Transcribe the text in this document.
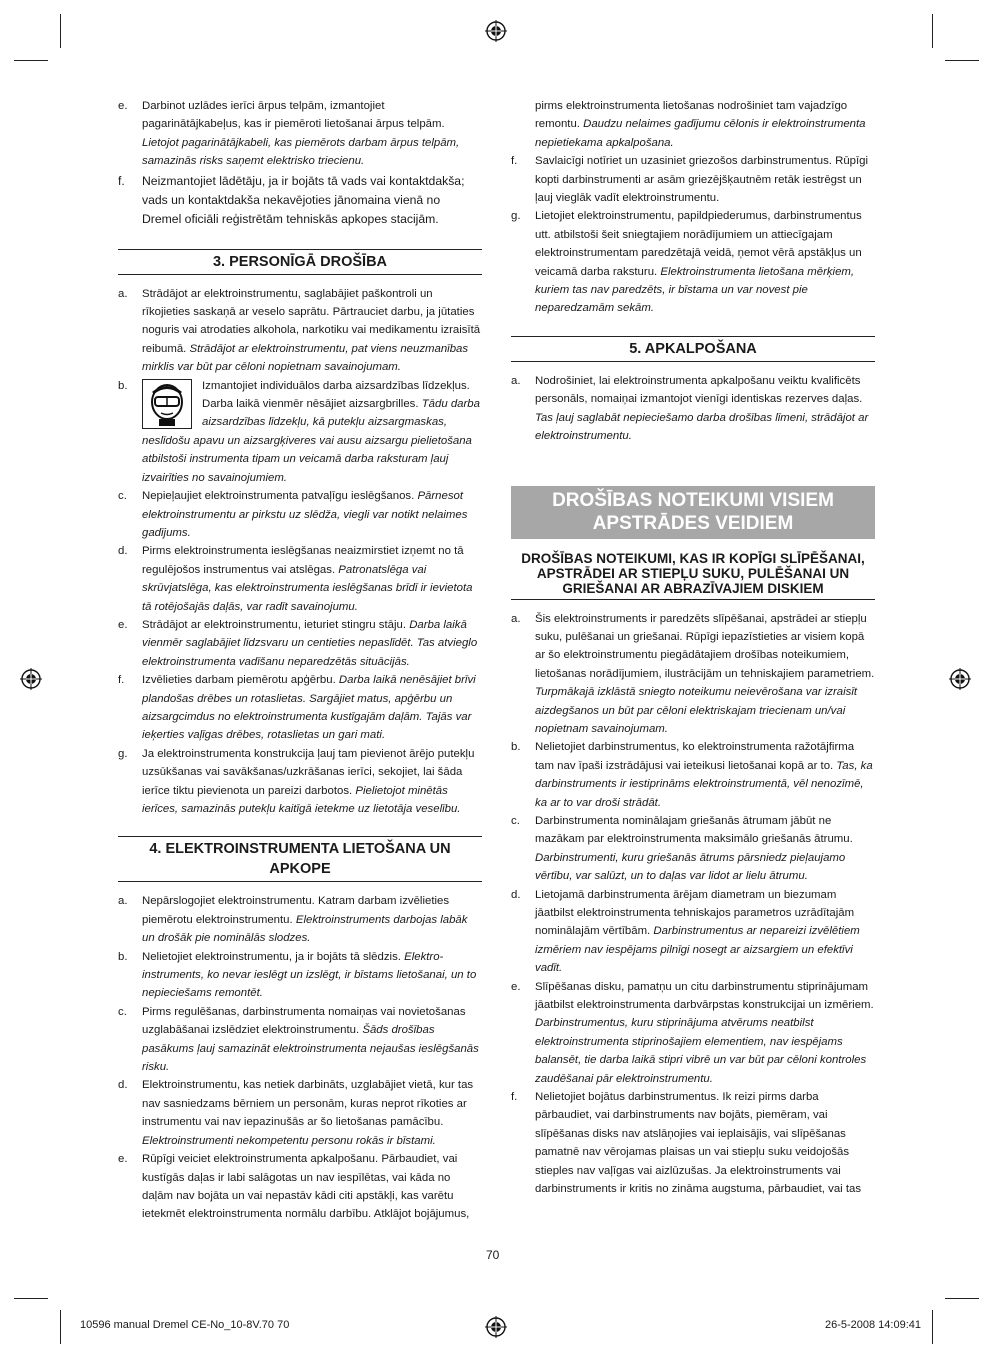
e. Darbinot uzlādes ierīci ārpus telpām, izmantojiet pagarinātājkabeļus, kas ir piemēroti lietošanai ārpus telpām. Lietojot pagarinātājkabeli, kas piemērots darbam ārpus telpām, samazinās risks saņemt elektrisko triecienu.
f. Neizmantojiet lādētāju, ja ir bojāts tā vads vai kontaktdakša; vads un kontaktdakša nekavējoties jānomaina vienā no Dremel oficiāli reģistrētām tehniskās apkopes stacijām.
3. PERSONĪGĀ DROŠĪBA
a. Strādājot ar elektroinstrumentu, saglabājiet paškontroli un rīkojieties saskaņā ar veselo saprātu. Pārtrauciet darbu, ja jūtaties noguris vai atrodaties alkohola, narkotiku vai medikamentu izraisītā reibumā. Strādājot ar elektroinstrumentu, pat viens neuzmanības mirklis var būt par cēloni nopietnam savainojumam.
b.	Izmantojiet individuālos darba aizsardzības līdzekļus. Darba laikā vienmēr nēsājiet aizsargbrilles. Tādu darba aizsardzības līdzekļu, kā putekļu aizsargmaskas, neslīdošu apavu un aizsargķiveres vai ausu aizsargu pielietošana atbilstoši instrumenta tipam un veicamā darba raksturam ļauj izvairīties no savainojumiem.
c. Nepieļaujiet elektroinstrumenta patvaļīgu ieslēgšanos. Pārnesot elektroinstrumentu ar pirkstu uz slēdža, viegli var notikt nelaimes gadījums.
d. Pirms elektroinstrumenta ieslēgšanas neaizmirstiet izņemt no tā regulējošos instrumentus vai atslēgas. Patronatslēga vai skrūvjatslēga, kas elektroinstrumenta ieslēgšanas brīdī ir ievietota tā rotējošajās daļās, var radīt savainojumu.
e. Strādājot ar elektroinstrumentu, ieturiet stingru stāju. Darba laikā vienmēr saglabājiet līdzsvaru un centieties nepaslīdēt. Tas atvieglo elektroinstrumenta vadīšanu neparedzētās situācijās.
f. Izvēlieties darbam piemērotu apģērbu. Darba laikā nenēsājiet brīvi plandošas drēbes un rotaslietas. Sargājiet matus, apģērbu un aizsargcimdus no elektroinstrumenta kustīgajām daļām. Tajās var ieķerties vaļīgas drēbes, rotaslietas un gari mati.
g. Ja elektroinstrumenta konstrukcija ļauj tam pievienot ārējo putekļu uzsūkšanas vai savākšanas/uzkrāšanas ierīci, sekojiet, lai šāda ierīce tiktu pievienota un pareizi darbotos. Pielietojot minētās ierīces, samazinās putekļu kaitīgā ietekme uz lietotāja veselību.
4. ELEKTROINSTRUMENTA LIETOŠANA UN APKOPE
a. Nepārslogojiet elektroinstrumentu. Katram darbam izvēlieties piemērotu elektroinstrumentu. Elektroinstruments darbojas labāk un drošāk pie nominālās slodzes.
b. Nelietojiet elektroinstrumentu, ja ir bojāts tā slēdzis. Elektro-instruments, ko nevar ieslēgt un izslēgt, ir bīstams lietošanai, un to nepieciešams remontēt.
c. Pirms regulēšanas, darbinstrumenta nomaiņas vai novietošanas uzglabāšanai izslēdziet elektroinstrumentu. Šāds drošības pasākums ļauj samazināt elektroinstrumenta nejaušas ieslēgšanās risku.
d. Elektroinstrumentu, kas netiek darbināts, uzglabājiet vietā, kur tas nav sasniedzams bērniem un personām, kuras neprot rīkoties ar instrumentu vai nav iepazinušās ar šo lietošanas pamācību. Elektroinstrumenti nekompetentu personu rokās ir bīstami.
e. Rūpīgi veiciet elektroinstrumenta apkalpošanu. Pārbaudiet, vai kustīgās daļas ir labi salāgotas un nav iespīlētas, vai kāda no daļām nav bojāta un vai nepastāv kādi citi apstākļi, kas varētu ietekmēt elektroinstrumenta normālu darbību. Atklājot bojājumus,
pirms elektroinstrumenta lietošanas nodrošiniet tam vajadzīgo remontu. Daudzu nelaimes gadījumu cēlonis ir elektroinstrumenta nepietiekama apkalpošana.
f. Savlaicīgi notīriet un uzasiniet griezošos darbinstrumentus. Rūpīgi kopti darbinstrumenti ar asām griezējšķautnēm retāk iestrēgst un ļauj vieglāk vadīt elektroinstrumentu.
g. Lietojiet elektroinstrumentu, papildpiederumus, darbinstrumentus utt. atbilstoši šeit sniegtajiem norādījumiem un attiecīgajam elektroinstrumentam paredzētajā veidā, ņemot vērā apstākļus un veicamā darba raksturu. Elektroinstrumenta lietošana mērķiem, kuriem tas nav paredzēts, ir bīstama un var novest pie neparedzamām sekām.
5. APKALPOŠANA
a. Nodrošiniet, lai elektroinstrumenta apkalpošanu veiktu kvalificēts personāls, nomaiņai izmantojot vienīgi identiskas rezerves daļas. Tas ļauj saglabāt nepieciešamo darba drošības līmeni, strādājot ar elektroinstrumentu.
DROŠĪBAS NOTEIKUMI VISIEM
APSTRĀDES VEIDIEM
DROŠĪBAS NOTEIKUMI, KAS IR KOPĪGI SLĪPĒŠANAI,
APSTRĀDEI AR STIEPĻU SUKU, PULĒŠANAI UN
GRIEŠANAI AR ABRAZĪVAJIEM DISKIEM
a. Šis elektroinstruments ir paredzēts slīpēšanai, apstrādei ar stiepļu suku, pulēšanai un griešanai. Rūpīgi iepazīstieties ar visiem kopā ar šo elektroinstrumentu piegādātajiem drošības noteikumiem, lietošanas norādījumiem, ilustrācijām un tehniskajiem parametriem. Turpmākajā izklāstā sniegto noteikumu neievērošana var izraisīt aizdegšanos un būt par cēloni elektriskajam triecienam un/vai nopietnam savainojumam.
b. Nelietojiet darbinstrumentus, ko elektroinstrumenta ražotājfirma tam nav īpaši izstrādājusi vai ieteikusi lietošanai kopā ar to. Tas, ka darbinstruments ir iestiprināms elektroinstrumentā, vēl nenozīmē, ka ar to var droši strādāt.
c. Darbinstrumenta nominālajam griešanās ātrumam jābūt ne mazākam par elektroinstrumenta maksimālo griešanās ātrumu. Darbinstrumenti, kuru griešanās ātrums pārsniedz pieļaujamo vērtību, var salūzt, un to daļas var lidot ar lielu ātrumu.
d. Lietojamā darbinstrumenta ārējam diametram un biezumam jāatbilst elektroinstrumenta tehniskajos parametros uzrādītajām nominālajām vērtībām. Darbinstrumentus ar nepareizi izvēlētiem izmēriem nav iespējams pilnīgi nosegt ar aizsargiem un efektīvi vadīt.
e. Slīpēšanas disku, pamatņu un citu darbinstrumentu stiprinājumam jāatbilst elektroinstrumenta darbvārpstas konstrukcijai un izmēriem. Darbinstrumentus, kuru stiprinājuma atvērums neatbilst elektroinstrumenta stiprinošajiem elementiem, nav iespējams balansēt, tie darba laikā stipri vibrē un var būt par cēloni kontroles zaudēšanai pār elektroinstrumentu.
f. Nelietojiet bojātus darbinstrumentus. Ik reizi pirms darba pārbaudiet, vai darbinstruments nav bojāts, piemēram, vai slīpēšanas disks nav atslāņojies vai ieplaisājis, vai slīpēšanas pamatnē nav vērojamas plaisas un vai stiepļu suku veidojošās stieples nav vaļīgas vai aizlūzušas. Ja elektroinstruments vai darbinstruments ir kritis no zināma augstuma, pārbaudiet, vai tas
70
10596 manual Dremel CE-No_10-8V.70 70	26-5-2008 14:09:41
